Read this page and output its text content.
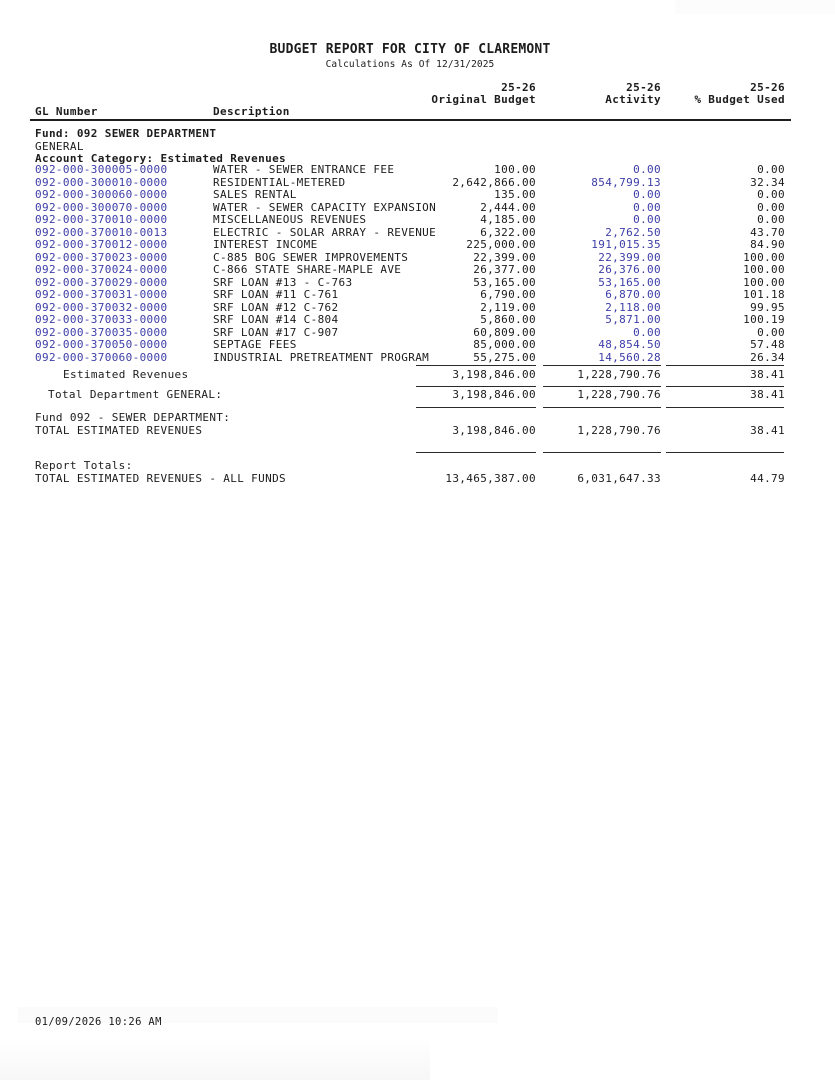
BUDGET REPORT FOR CITY OF CLAREMONT
Calculations As Of 12/31/2025
25-26	25-26	25-26
Original Budget	Activity	% Budget Used
GL Number	Description
Fund: 092 SEWER DEPARTMENT
GENERAL
Account Category: Estimated Revenues
092-000-300005-0000	WATER - SEWER ENTRANCE FEE	100.00	0.00	0.00
092-000-300010-0000	RESIDENTIAL-METERED	2,642,866.00	854,799.13	32.34
092-000-300060-0000	SALES RENTAL	135.00	0.00	0.00
092-000-300070-0000	WATER - SEWER CAPACITY EXPANSION	2,444.00	0.00	0.00
092-000-370010-0000	MISCELLANEOUS REVENUES	4,185.00	0.00	0.00
092-000-370010-0013	ELECTRIC - SOLAR ARRAY - REVENUE	6,322.00	2,762.50	43.70
092-000-370012-0000	INTEREST INCOME	225,000.00	191,015.35	84.90
092-000-370023-0000	C-885 BOG SEWER IMPROVEMENTS	22,399.00	22,399.00	100.00
092-000-370024-0000	C-866 STATE SHARE-MAPLE AVE	26,377.00	26,376.00	100.00
092-000-370029-0000	SRF LOAN #13 - C-763	53,165.00	53,165.00	100.00
092-000-370031-0000	SRF LOAN #11 C-761	6,790.00	6,870.00	101.18
092-000-370032-0000	SRF LOAN #12 C-762	2,119.00	2,118.00	99.95
092-000-370033-0000	SRF LOAN #14 C-804	5,860.00	5,871.00	100.19
092-000-370035-0000	SRF LOAN #17 C-907	60,809.00	0.00	0.00
092-000-370050-0000	SEPTAGE FEES	85,000.00	48,854.50	57.48
092-000-370060-0000	INDUSTRIAL PRETREATMENT PROGRAM	55,275.00	14,560.28	26.34
Estimated Revenues	3,198,846.00	1,228,790.76	38.41
Total Department GENERAL:	3,198,846.00	1,228,790.76	38.41
Fund 092 - SEWER DEPARTMENT:
TOTAL ESTIMATED REVENUES	3,198,846.00	1,228,790.76	38.41
Report Totals:
TOTAL ESTIMATED REVENUES - ALL FUNDS	13,465,387.00	6,031,647.33	44.79
01/09/2026 10:26 AM
